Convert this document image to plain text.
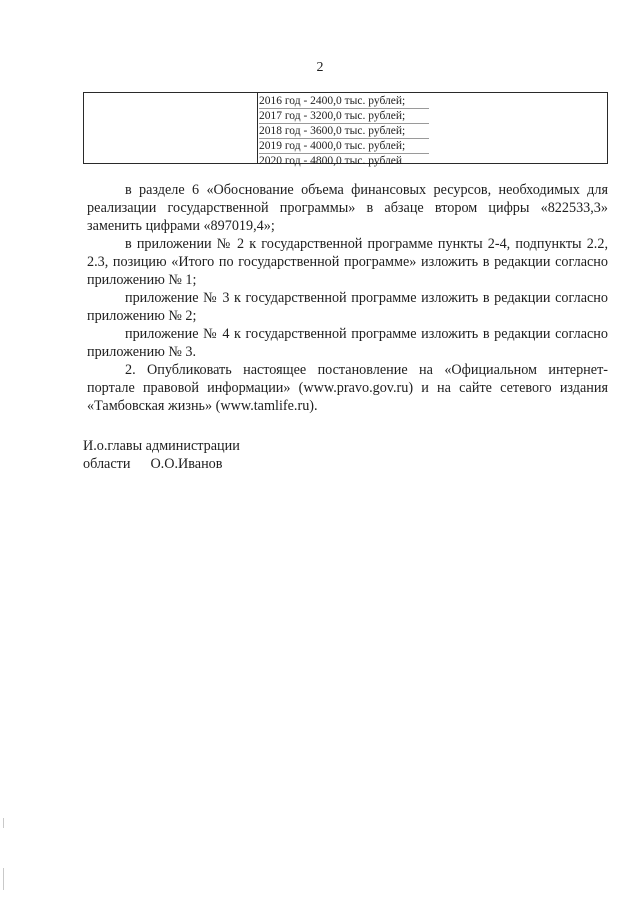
2
2016 год - 2400,0 тыс. рублей;
2017 год - 3200,0 тыс. рублей;
2018 год - 3600,0 тыс. рублей;
2019 год - 4000,0 тыс. рублей;
2020 год - 4800,0 тыс. рублей

в разделе 6 «Обоснование объема финансовых ресурсов, необходимых для реализации государственной программы» в абзаце втором цифры «822533,3» заменить цифрами «897019,4»;

в приложении № 2 к государственной программе пункты 2-4, подпункты 2.2, 2.3, позицию «Итого по государственной программе» изложить в редакции согласно приложению № 1;

приложение № 3 к государственной программе изложить в редакции согласно приложению № 2;

приложение № 4 к государственной программе изложить в редакции согласно приложению № 3.

2. Опубликовать настоящее постановление на «Официальном интернет-портале правовой информации» (www.pravo.gov.ru) и на сайте сетевого издания «Тамбовская жизнь» (www.tamlife.ru).

И.о.главы администрации
области О.О.Иванов
